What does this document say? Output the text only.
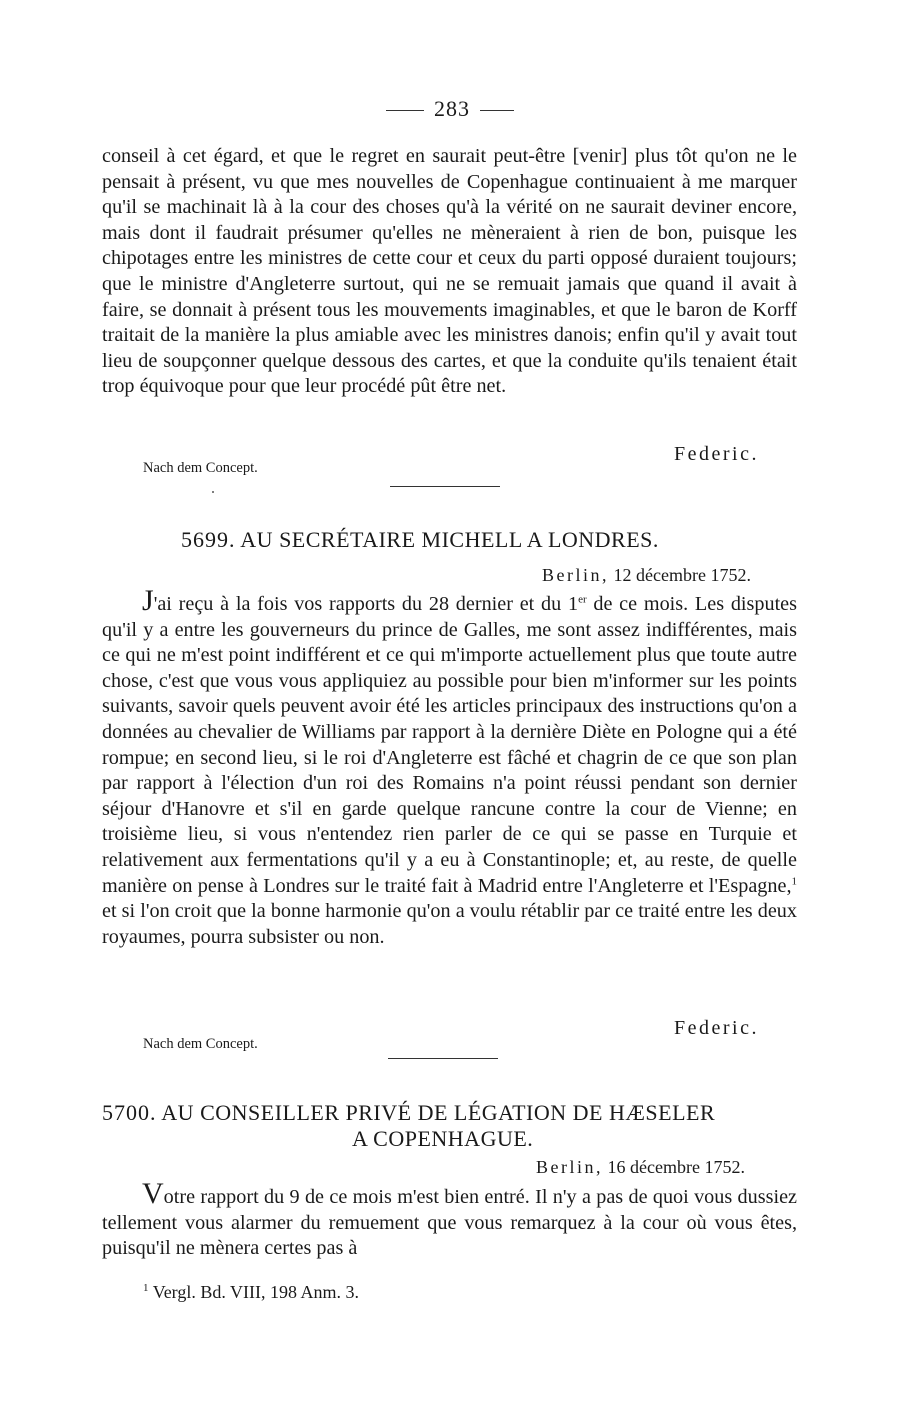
283

conseil à cet égard, et que le regret en saurait peut-être [venir] plus tôt qu'on ne le pensait à présent, vu que mes nouvelles de Copenhague continuaient à me marquer qu'il se machinait là à la cour des choses qu'à la vérité on ne saurait deviner encore, mais dont il faudrait présumer qu'elles ne mèneraient à rien de bon, puisque les chipotages entre les ministres de cette cour et ceux du parti opposé duraient toujours; que le ministre d'Angleterre surtout, qui ne se remuait jamais que quand il avait à faire, se donnait à présent tous les mouvements imaginables, et que le baron de Korff traitait de la manière la plus amiable avec les ministres danois; enfin qu'il y avait tout lieu de soupçonner quelque dessous des cartes, et que la conduite qu'ils tenaient était trop équivoque pour que leur procédé pût être net.

Federic.
Nach dem Concept.
5699. AU SECRÉTAIRE MICHELL A LONDRES.
Berlin, 12 décembre 1752.

J'ai reçu à la fois vos rapports du 28 dernier et du 1er de ce mois. Les disputes qu'il y a entre les gouverneurs du prince de Galles, me sont assez indifférentes, mais ce qui ne m'est point indifférent et ce qui m'importe actuellement plus que toute autre chose, c'est que vous vous appliquiez au possible pour bien m'informer sur les points suivants, savoir quels peuvent avoir été les articles principaux des instructions qu'on a données au chevalier de Williams par rapport à la dernière Diète en Pologne qui a été rompue; en second lieu, si le roi d'Angleterre est fâché et chagrin de ce que son plan par rapport à l'élection d'un roi des Romains n'a point réussi pendant son dernier séjour d'Hanovre et s'il en garde quelque rancune contre la cour de Vienne; en troisième lieu, si vous n'entendez rien parler de ce qui se passe en Turquie et relativement aux fermentations qu'il y a eu à Constantinople; et, au reste, de quelle manière on pense à Londres sur le traité fait à Madrid entre l'Angleterre et l'Espagne,$^1$ et si l'on croit que la bonne harmonie qu'on a voulu rétablir par ce traité entre les deux royaumes, pourra subsister ou non.

Federic.
Nach dem Concept.
5700. AU CONSEILLER PRIVÉ DE LÉGATION DE HÆSELER
A COPENHAGUE.
Berlin, 16 décembre 1752.

Votre rapport du 9 de ce mois m'est bien entré. Il n'y a pas de quoi vous dussiez tellement vous alarmer du remuement que vous remarquez à la cour où vous êtes, puisqu'il ne mènera certes pas à

$^1$ Vergl. Bd. VIII, 198 Anm. 3.
